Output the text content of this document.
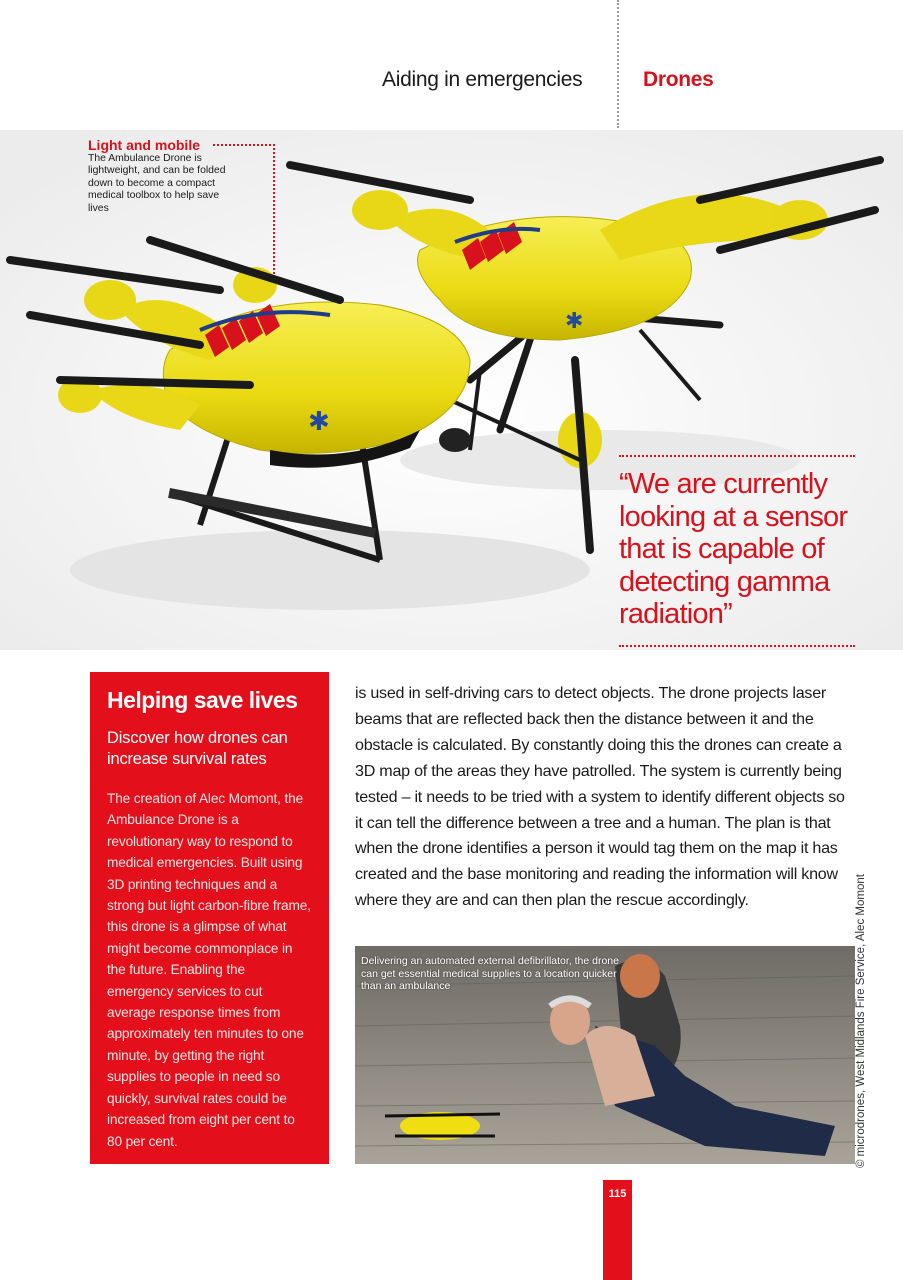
Aiding in emergencies	Drones
✱
✱
Light and mobile
The Ambulance Drone is lightweight, and can be folded down to become a compact medical toolbox to help save lives
“We are currently looking at a sensor that is capable of detecting gamma radiation”
Helping save lives
Discover how drones can increase survival rates
The creation of Alec Momont, the Ambulance Drone is a revolutionary way to respond to medical emergencies. Built using 3D printing techniques and a strong but light carbon-fibre frame, this drone is a glimpse of what might become commonplace in the future. Enabling the emergency services to cut average response times from approximately ten minutes to one minute, by getting the right supplies to people in need so quickly, survival rates could be increased from eight per cent to 80 per cent.
is used in self-driving cars to detect objects. The drone projects laser beams that are reflected back then the distance between it and the obstacle is calculated. By constantly doing this the drones can create a 3D map of the areas they have patrolled. The system is currently being tested – it needs to be tried with a system to identify different objects so it can tell the difference between a tree and a human. The plan is that when the drone identifies a person it would tag them on the map it has created and the base monitoring and reading the information will know where they are and can then plan the rescue accordingly.
Delivering an automated external defibrillator, the drone can get essential medical supplies to a location quicker than an ambulance	© microdrones, West Midlands Fire Service, Alec Momont
115
